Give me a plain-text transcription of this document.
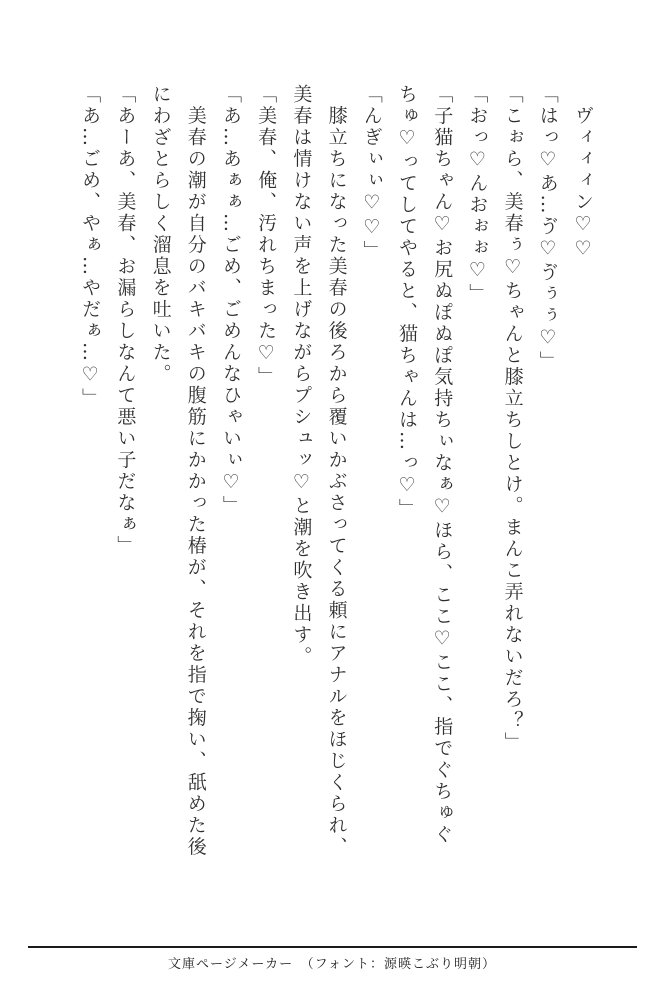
　ヴィィィン♡♡

「はっ♡あ…ゔ♡ゔぅぅ♡」

「こぉら、美春ぅ♡ちゃんと膝立ちしとけ。まんこ弄れないだろ？」

「おっ♡んおぉぉ♡」

「子猫ちゃん♡お尻ぬぽぬぽ気持ちぃなぁ♡ほら、ここ♡ここ、指でぐちゅぐ

ちゅ♡ってしてやると、猫ちゃんは…っ♡」

「んぎぃぃ♡♡」

　膝立ちになった美春の後ろから覆いかぶさってくる頼にアナルをほじくられ、

美春は情けない声を上げながらプシュッ♡と潮を吹き出す。

「美春、俺、汚れちまった♡」

「あ…あぁぁ…ごめ、ごめんなひゃいぃ♡」

　美春の潮が自分のバキバキの腹筋にかかった椿が、それを指で掬い、舐めた後

にわざとらしく溜息を吐いた。

「あーあ、美春、お漏らしなんて悪い子だなぁ」

「あ…ごめ、やぁ…やだぁ…♡」

文庫ページメーカー　（フォント：源暎こぶり明朝）
